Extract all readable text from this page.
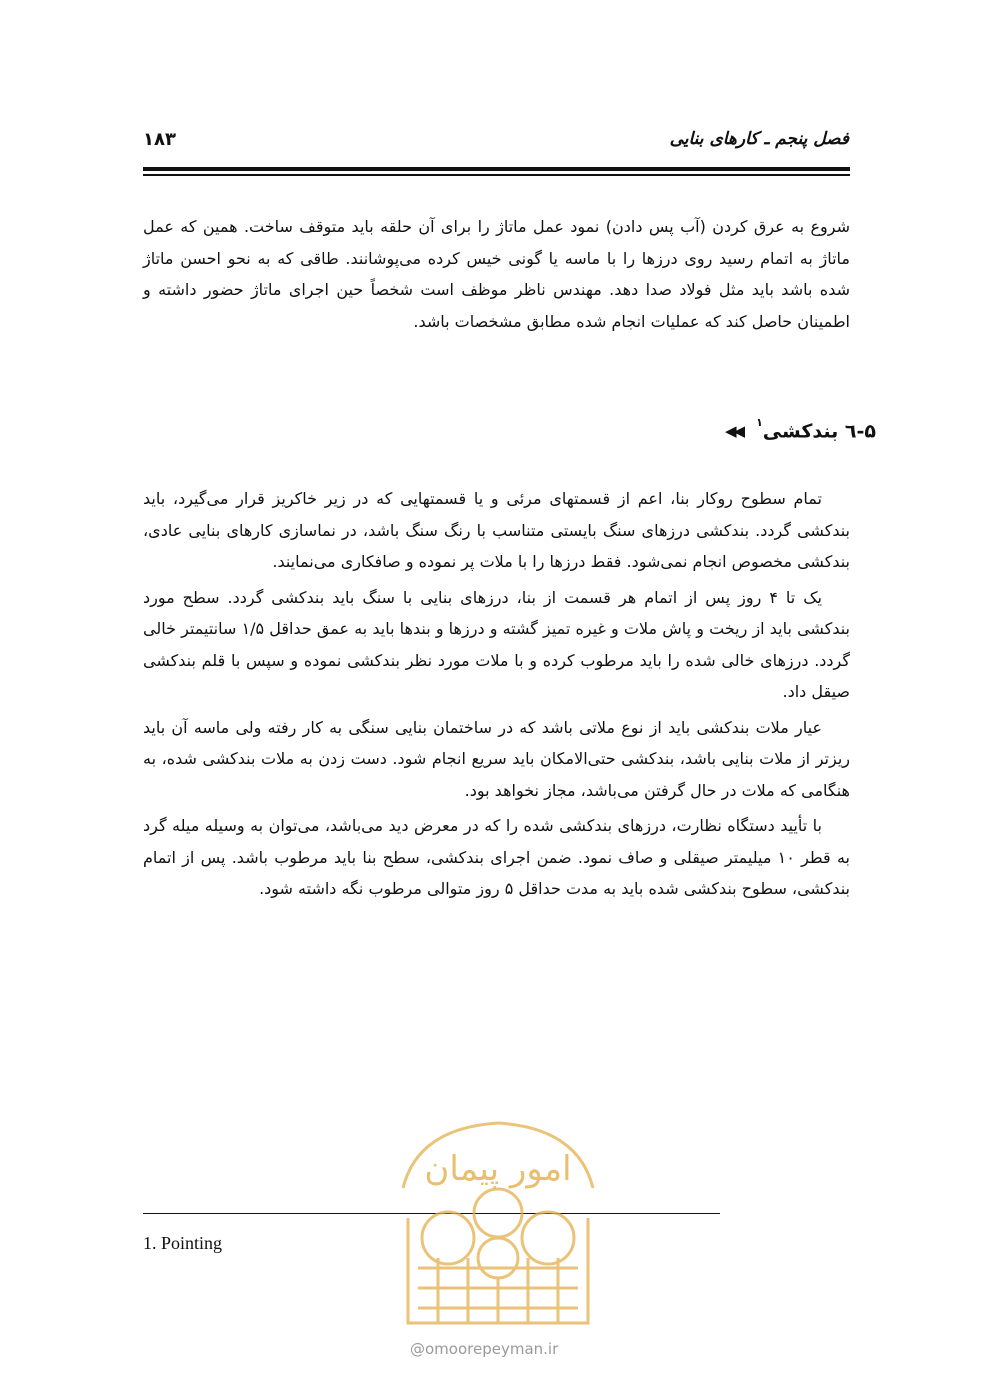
فصل پنجم ـ کارهای بنایی
۱۸۳

شروع به عرق کردن (آب پس دادن) نمود عمل ماتاژ را برای آن حلقه باید متوقف ساخت. همین که عمل ماتاژ به اتمام رسید روی درزها را با ماسه یا گونی خیس کرده می‌پوشانند. طاقی که به نحو احسن ماتاژ شده باشد باید مثل فولاد صدا دهد. مهندس ناظر موظف است شخصاً حین اجرای ماتاژ حضور داشته و اطمینان حاصل کند که عملیات انجام شده مطابق مشخصات باشد.

۵-٦ بندکشی$^۱$
◀◀

تمام سطوح روکار بنا، اعم از قسمتهای مرئی و یا قسمتهایی که در زیر خاکریز قرار می‌گیرد، باید بندکشی گردد. بندکشی درزهای سنگ بایستی متناسب با رنگ سنگ باشد، در نماسازی کارهای بنایی عادی، بندکشی مخصوص انجام نمی‌شود. فقط درزها را با ملات پر نموده و صافکاری می‌نمایند.

یک تا ۴ روز پس از اتمام هر قسمت از بنا، درزهای بنایی با سنگ باید بندکشی گردد. سطح مورد بندکشی باید از ریخت و پاش ملات و غیره تمیز گشته و درزها و بندها باید به عمق حداقل ۱/۵ سانتیمتر خالی گردد. درزهای خالی شده را باید مرطوب کرده و با ملات مورد نظر بندکشی نموده و سپس با قلم بندکشی صیقل داد.

عیار ملات بندکشی باید از نوع ملاتی باشد که در ساختمان بنایی سنگی به کار رفته ولی ماسه آن باید ریزتر از ملات بنایی باشد، بندکشی حتی‌الامکان باید سریع انجام شود. دست زدن به ملات بندکشی شده، به هنگامی که ملات در حال گرفتن می‌باشد، مجاز نخواهد بود.

با تأیید دستگاه نظارت، درزهای بندکشی شده را که در معرض دید می‌باشد، می‌توان به وسیله میله گرد به قطر ۱۰ میلیمتر صیقلی و صاف نمود. ضمن اجرای بندکشی، سطح بنا باید مرطوب باشد. پس از اتمام بندکشی، سطوح بندکشی شده باید به مدت حداقل ۵ روز متوالی مرطوب نگه داشته شود.

1. Pointing
امور پیمان
@omoorepeyman.ir
